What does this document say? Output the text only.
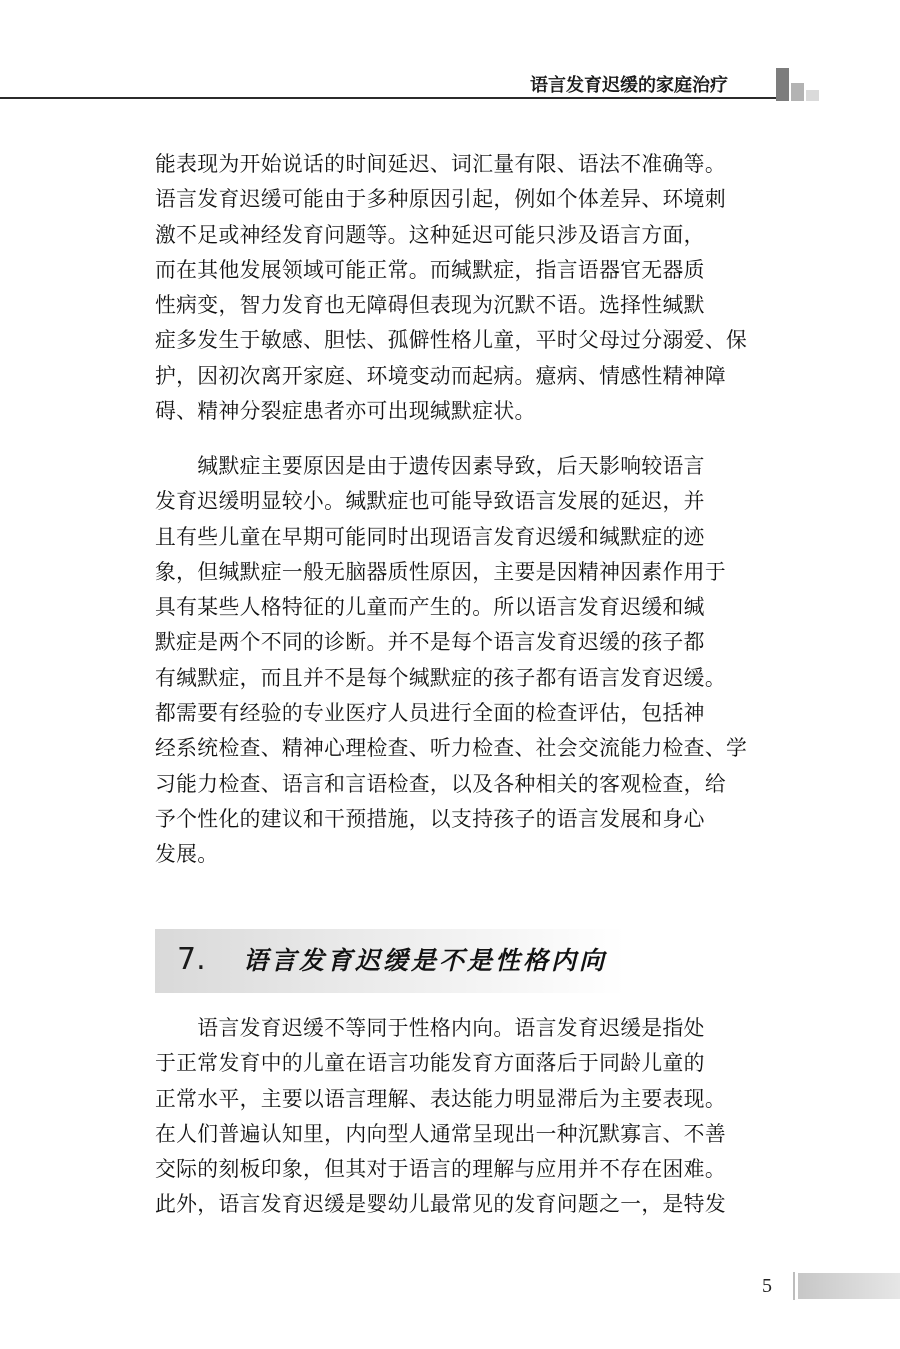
语言发育迟缓的家庭治疗
能表现为开始说话的时间延迟、词汇量有限、语法不准确等。
语言发育迟缓可能由于多种原因引起，例如个体差异、环境刺
激不足或神经发育问题等。这种延迟可能只涉及语言方面，
而在其他发展领域可能正常。而缄默症，指言语器官无器质
性病变，智力发育也无障碍但表现为沉默不语。选择性缄默
症多发生于敏感、胆怯、孤僻性格儿童，平时父母过分溺爱、保
护，因初次离开家庭、环境变动而起病。癔病、情感性精神障
碍、精神分裂症患者亦可出现缄默症状。
　　缄默症主要原因是由于遗传因素导致，后天影响较语言
发育迟缓明显较小。缄默症也可能导致语言发展的延迟，并
且有些儿童在早期可能同时出现语言发育迟缓和缄默症的迹
象，但缄默症一般无脑器质性原因，主要是因精神因素作用于
具有某些人格特征的儿童而产生的。所以语言发育迟缓和缄
默症是两个不同的诊断。并不是每个语言发育迟缓的孩子都
有缄默症，而且并不是每个缄默症的孩子都有语言发育迟缓。
都需要有经验的专业医疗人员进行全面的检查评估，包括神
经系统检查、精神心理检查、听力检查、社会交流能力检查、学
习能力检查、语言和言语检查，以及各种相关的客观检查，给
予个性化的建议和干预措施，以支持孩子的语言发展和身心
发展。
7. 语言发育迟缓是不是性格内向
　　语言发育迟缓不等同于性格内向。语言发育迟缓是指处
于正常发育中的儿童在语言功能发育方面落后于同龄儿童的
正常水平，主要以语言理解、表达能力明显滞后为主要表现。
在人们普遍认知里，内向型人通常呈现出一种沉默寡言、不善
交际的刻板印象，但其对于语言的理解与应用并不存在困难。
此外，语言发育迟缓是婴幼儿最常见的发育问题之一，是特发
5
